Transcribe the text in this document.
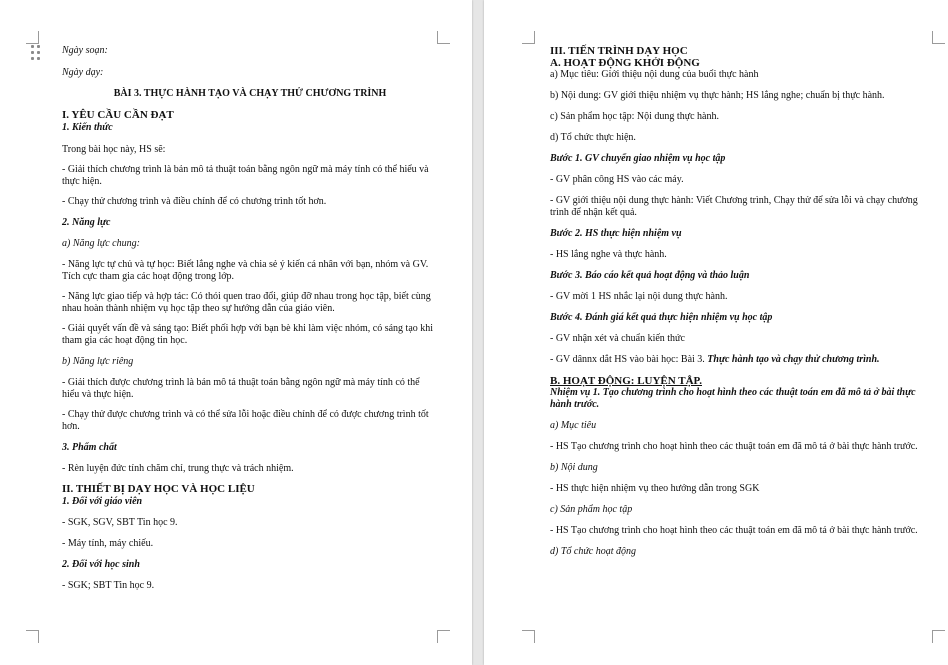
Ngày soạn:

Ngày dạy:

BÀI 3. THỰC HÀNH TẠO VÀ CHẠY THỬ CHƯƠNG TRÌNH

I. YÊU CẦU CẦN ĐẠT

1. Kiến thức

Trong bài học này, HS sẽ:

- Giải thích chương trình là bản mô tả thuật toán bằng ngôn ngữ mà máy tính có thể hiểu và thực hiện.

- Chạy thử chương trình và điều chỉnh để có chương trình tốt hơn.

2. Năng lực

a) Năng lực chung:

- Năng lực tự chủ và tự học: Biết lắng nghe và chia sẻ ý kiến cá nhân với bạn, nhóm và GV. Tích cực tham gia các hoạt động trong lớp.

- Năng lực giao tiếp và hợp tác: Có thói quen trao đổi, giúp đỡ nhau trong học tập, biết cùng nhau hoàn thành nhiệm vụ học tập theo sự hướng dẫn của giáo viên.

- Giải quyết vấn đề và sáng tạo: Biết phối hợp với bạn bè khi làm việc nhóm, có sáng tạo khi tham gia các hoạt động tin học.

b) Năng lực riêng

- Giải thích được chương trình là bản mô tả thuật toán bằng ngôn ngữ mà máy tính có thể hiểu và thực hiện.

- Chạy thử được chương trình và có thể sửa lỗi hoặc điều chỉnh để có được chương trình tốt hơn.

3. Phẩm chất

- Rèn luyện đức tính chăm chỉ, trung thực và trách nhiệm.

II. THIẾT BỊ DẠY HỌC VÀ HỌC LIỆU

1. Đối với giáo viên

- SGK, SGV, SBT Tin học 9.

- Máy tính, máy chiếu.

2. Đối với học sinh

- SGK; SBT Tin học 9.

III. TIẾN TRÌNH DẠY HỌC

A. HOẠT ĐỘNG KHỞI ĐỘNG

a) Mục tiêu: Giới thiệu nội dung của buổi thực hành

b) Nội dung: GV giới thiệu nhiệm vụ thực hành; HS lắng nghe; chuẩn bị thực hành.

c) Sản phẩm học tập: Nội dung thực hành.

d) Tổ chức thực hiện.

Bước 1. GV chuyển giao nhiệm vụ học tập

- GV phân công HS vào các máy.

- GV giới thiệu nội dung thực hành: Viết Chương trình, Chạy thử để sửa lỗi và chạy chương trình để nhận kết quả.

Bước 2. HS thực hiện nhiệm vụ

- HS lắng nghe và thực hành.

Bước 3. Báo cáo kết quả hoạt động và thảo luận

- GV mời 1 HS nhắc lại nội dung thực hành.

Bước 4. Đánh giá kết quả thực hiện nhiệm vụ học tập

- GV nhận xét và chuẩn kiến thức

- GV dânnx dắt HS vào bài học: Bài 3. Thực hành tạo và chạy thử chương trình.

B. HOẠT ĐỘNG: LUYỆN TẬP.

Nhiệm vụ 1. Tạo chương trình cho hoạt hình theo các thuật toán em đã mô tả ở bài thực hành trước.

a) Mục tiêu

- HS Tạo chương trình cho hoạt hình theo các thuật toán em đã mô tả ở bài thực hành trước.

b) Nội dung

- HS thực hiện nhiệm vụ theo hướng dẫn trong SGK

c) Sản phẩm học tập

- HS Tạo chương trình cho hoạt hình theo các thuật toán em đã mô tả ở bài thực hành trước.

d) Tổ chức hoạt động
